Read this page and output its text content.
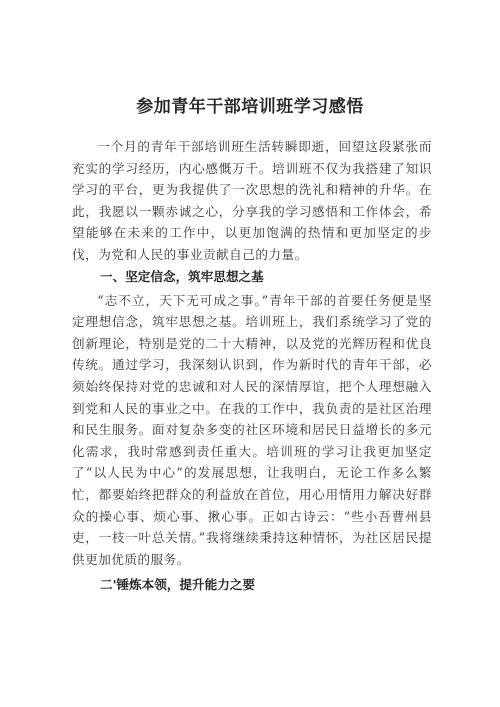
参加青年干部培训班学习感悟

一个月的青年干部培训班生活转瞬即逝，回望这段紧张而充实的学习经历，内心感慨万千。培训班不仅为我搭建了知识学习的平台，更为我提供了一次思想的洗礼和精神的升华。在此，我愿以一颗赤诚之心，分享我的学习感悟和工作体会，希望能够在未来的工作中，以更加饱满的热情和更加坚定的步伐，为党和人民的事业贡献自己的力量。

一、坚定信念，筑牢思想之基

“志不立，天下无可成之事。”青年干部的首要任务便是坚定理想信念，筑牢思想之基。培训班上，我们系统学习了党的创新理论，特别是党的二十大精神，以及党的光辉历程和优良传统。通过学习，我深刻认识到，作为新时代的青年干部，必须始终保持对党的忠诚和对人民的深情厚谊，把个人理想融入到党和人民的事业之中。在我的工作中，我负责的是社区治理和民生服务。面对复杂多变的社区环境和居民日益增长的多元化需求，我时常感到责任重大。培训班的学习让我更加坚定了“以人民为中心”的发展思想，让我明白，无论工作多么繁忙，都要始终把群众的利益放在首位，用心用情用力解决好群众的操心事、烦心事、揪心事。正如古诗云：“些小吾曹州县吏，一枝一叶总关情。”我将继续秉持这种情怀，为社区居民提供更加优质的服务。

二'锤炼本领，提升能力之要
